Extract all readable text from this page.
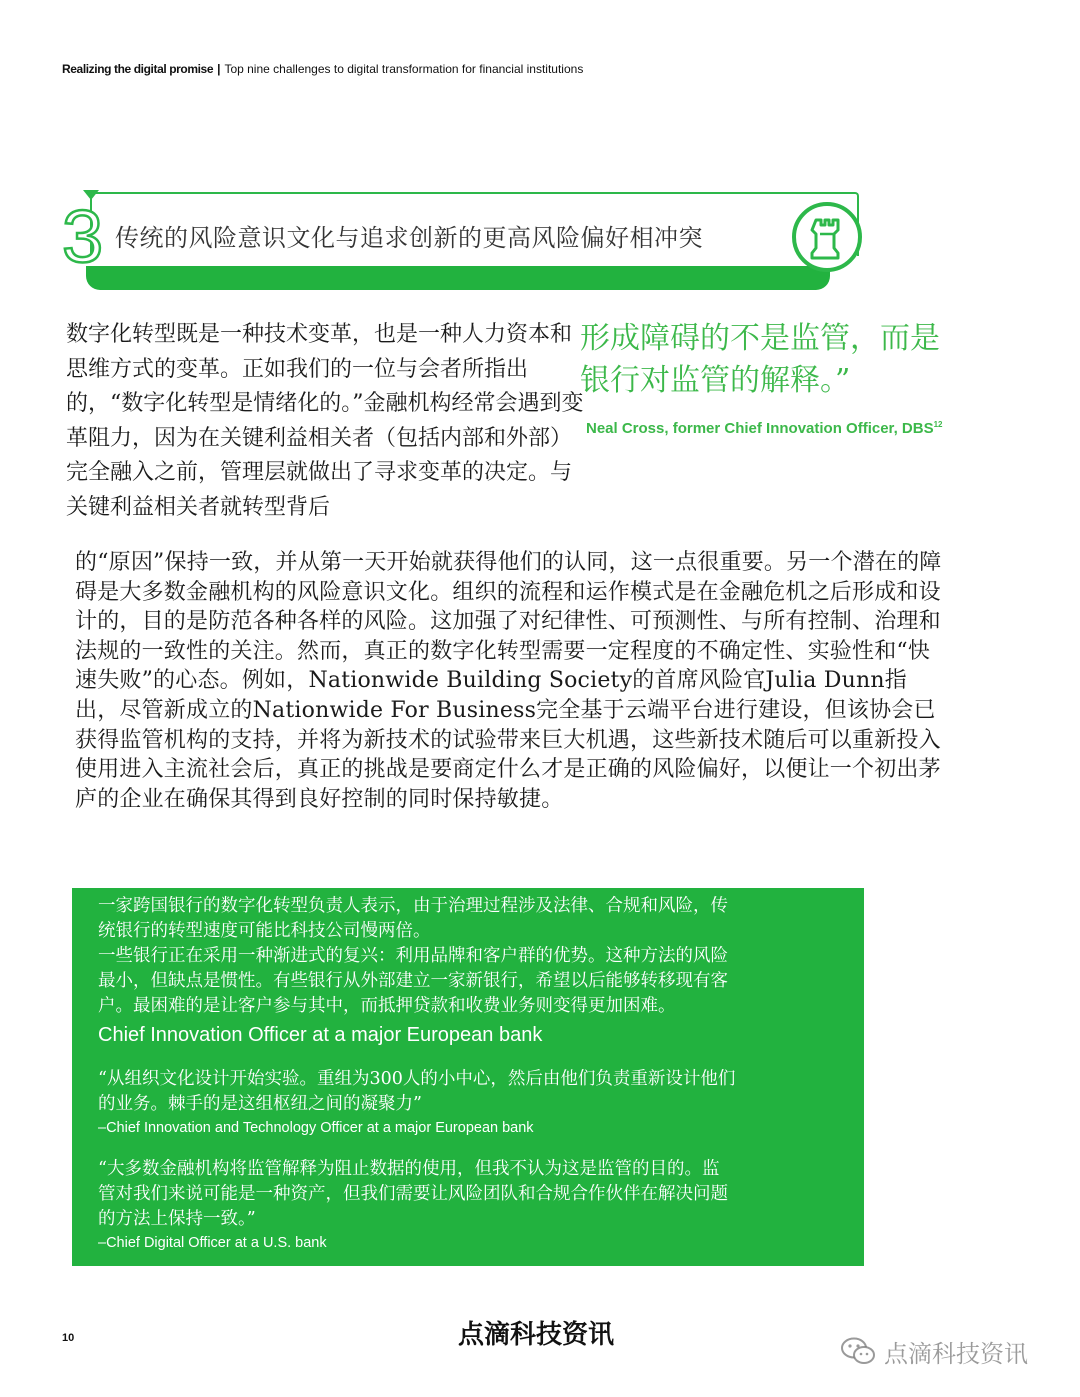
Realizing the digital promise | Top nine challenges to digital transformation for financial institutions
3 传统的风险意识文化与追求创新的更高风险偏好相冲突

数字化转型既是一种技术变革，也是一种人力资本和思维方式的变革。正如我们的一位与会者所指出的，“数字化转型是情绪化的。”金融机构经常会遇到变革阻力，因为在关键利益相关者（包括内部和外部）完全融入之前，管理层就做出了寻求变革的决定。与关键利益相关者就转型背后

形成障碍的不是监管，而是银行对监管的解释。”

Neal Cross, former Chief Innovation Officer, DBS$^{12}$

的“原因”保持一致，并从第一天开始就获得他们的认同，这一点很重要。另一个潜在的障碍是大多数金融机构的风险意识文化。组织的流程和运作模式是在金融危机之后形成和设计的，目的是防范各种各样的风险。这加强了对纪律性、可预测性、与所有控制、治理和法规的一致性的关注。然而，真正的数字化转型需要一定程度的不确定性、实验性和“快速失败”的心态。例如，Nationwide Building Society的首席风险官Julia Dunn指出，尽管新成立的Nationwide For Business完全基于云端平台进行建设，但该协会已获得监管机构的支持，并将为新技术的试验带来巨大机遇，这些新技术随后可以重新投入使用进入主流社会后，真正的挑战是要商定什么才是正确的风险偏好，以便让一个初出茅庐的企业在确保其得到良好控制的同时保持敏捷。

一家跨国银行的数字化转型负责人表示，由于治理过程涉及法律、合规和风险，传

统银行的转型速度可能比科技公司慢两倍。

一些银行正在采用一种渐进式的复兴：利用品牌和客户群的优势。这种方法的风险

最小，但缺点是惯性。有些银行从外部建立一家新银行，希望以后能够转移现有客

户。最困难的是让客户参与其中，而抵押贷款和收费业务则变得更加困难。

Chief Innovation Officer at a major European bank

“从组织文化设计开始实验。重组为300人的小中心，然后由他们负责重新设计他们

的业务。棘手的是这组枢纽之间的凝聚力”

–Chief Innovation and Technology Officer at a major European bank

“大多数金融机构将监管解释为阻止数据的使用，但我不认为这是监管的目的。监

管对我们来说可能是一种资产，但我们需要让风险团队和合规合作伙伴在解决问题

的方法上保持一致。”

–Chief Digital Officer at a U.S. bank

10	点滴科技资讯
点滴科技资讯
